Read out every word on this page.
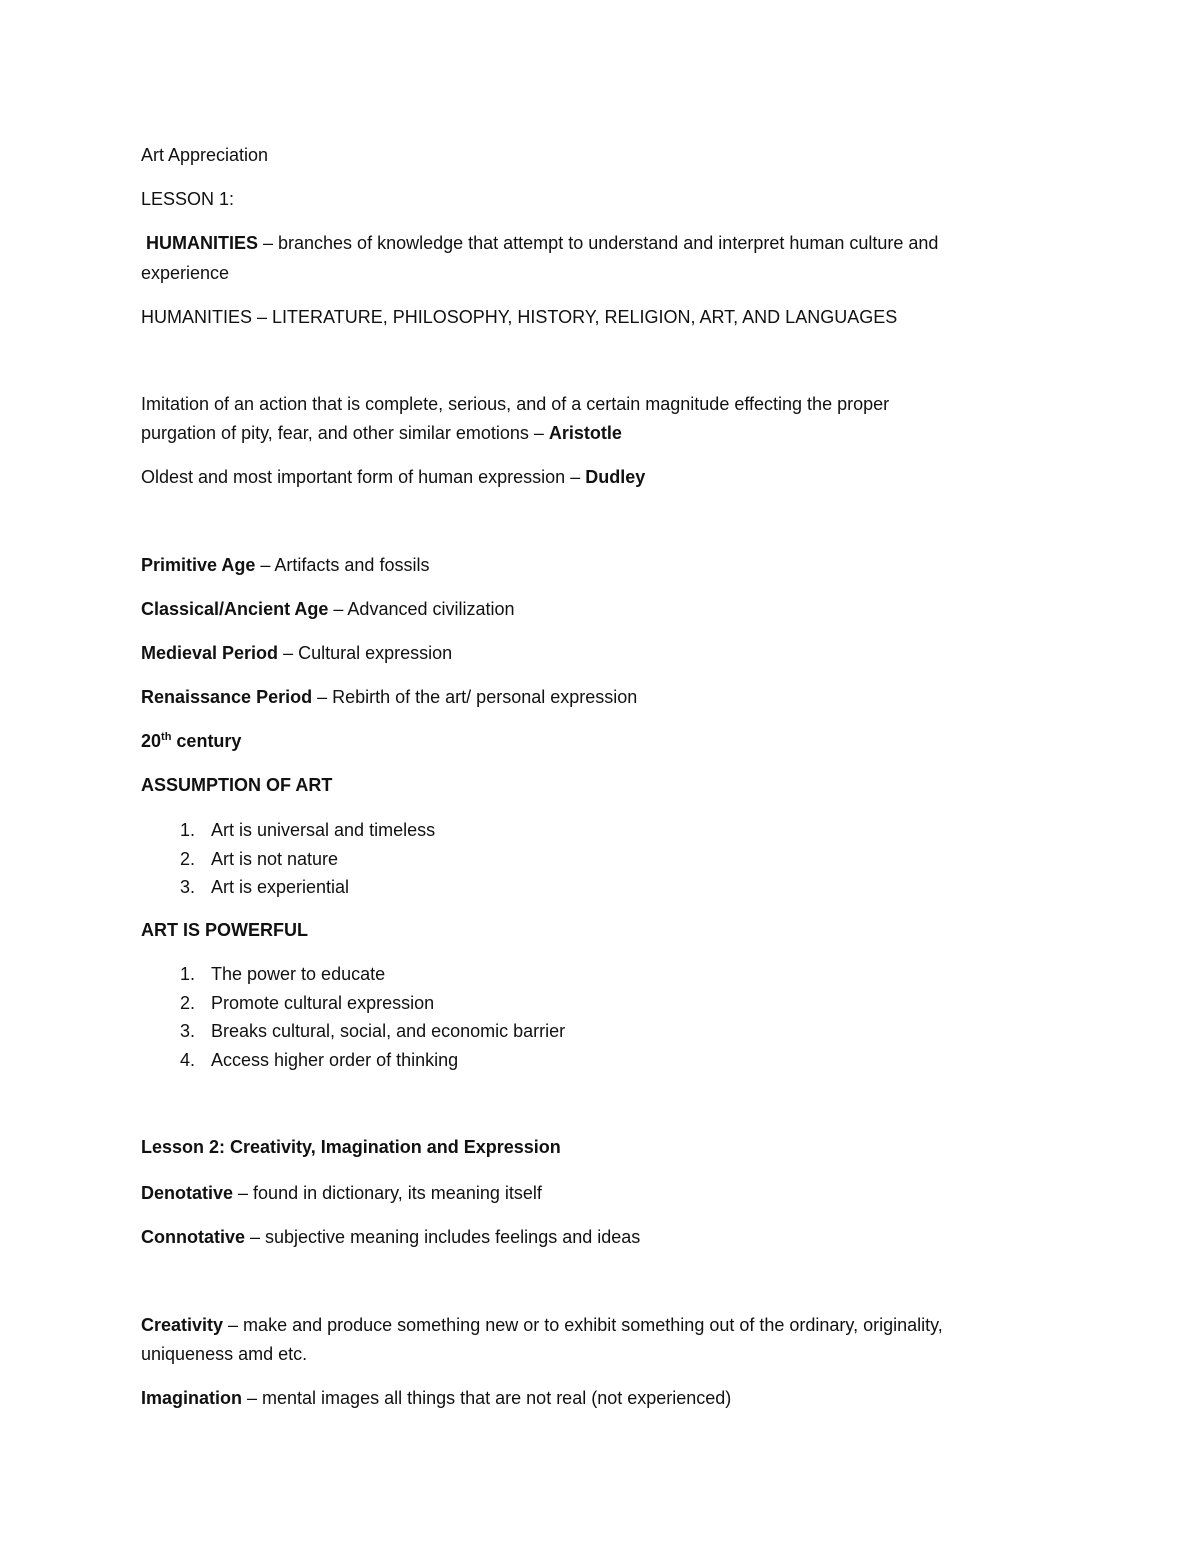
Art Appreciation
LESSON 1:
HUMANITIES – branches of knowledge that attempt to understand and interpret human culture and
experience
HUMANITIES – LITERATURE, PHILOSOPHY, HISTORY, RELIGION, ART, AND LANGUAGES
Imitation of an action that is complete, serious, and of a certain magnitude effecting the proper
purgation of pity, fear, and other similar emotions – Aristotle
Oldest and most important form of human expression – Dudley
Primitive Age – Artifacts and fossils
Classical/Ancient Age – Advanced civilization
Medieval Period – Cultural expression
Renaissance Period – Rebirth of the art/ personal expression
20th century
ASSUMPTION OF ART
1. Art is universal and timeless
2. Art is not nature
3. Art is experiential
ART IS POWERFUL
1. The power to educate
2. Promote cultural expression
3. Breaks cultural, social, and economic barrier
4. Access higher order of thinking
Lesson 2: Creativity, Imagination and Expression
Denotative – found in dictionary, its meaning itself
Connotative – subjective meaning includes feelings and ideas
Creativity – make and produce something new or to exhibit something out of the ordinary, originality,
uniqueness amd etc.
Imagination – mental images all things that are not real (not experienced)
